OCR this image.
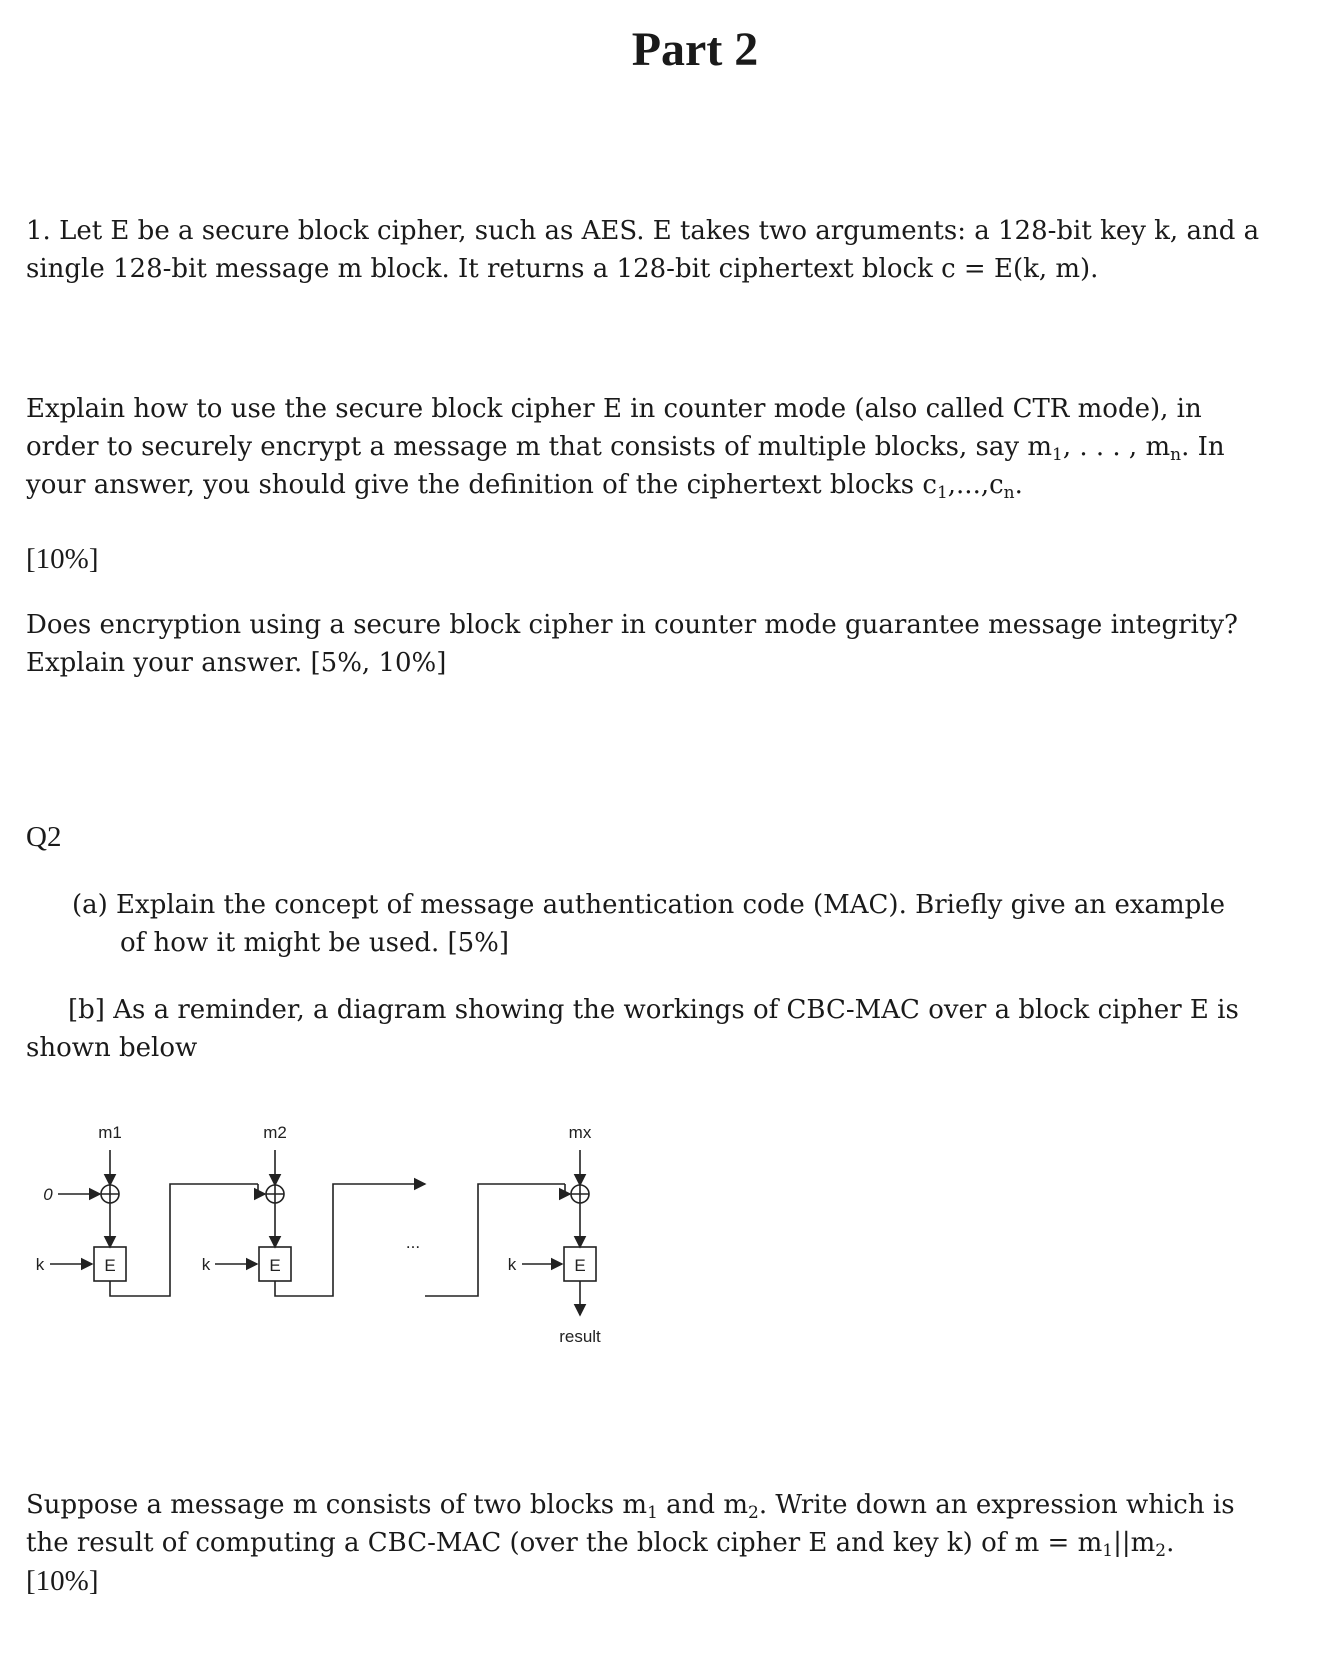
Part 2

1. Let E be a secure block cipher, such as AES. E takes two arguments: a 128-bit key k, and a
single 128-bit message m block. It returns a 128-bit ciphertext block c = E(k, m).

Explain how to use the secure block cipher E in counter mode (also called CTR mode), in
order to securely encrypt a message m that consists of multiple blocks, say $m_1$, . . . , $m_n$. In
your answer, you should give the definition of the ciphertext blocks $c_1,...,c_n$.

[10%]

Does encryption using a secure block cipher in counter mode guarantee message integrity?
Explain your answer. [5%, 10%]

Q2

(a) Explain the concept of message authentication code (MAC). Briefly give an example
of how it might be used. [5%]

[b] As a reminder, a diagram showing the workings of CBC-MAC over a block cipher E is
shown below

m1	m2	mx
0
k	k	k
E	E	E
...
result

Suppose a message m consists of two blocks $m_1$ and $m_2$. Write down an expression which is
the result of computing a CBC-MAC (over the block cipher E and key k) of $m = m_1||m_2$.
[10%]
